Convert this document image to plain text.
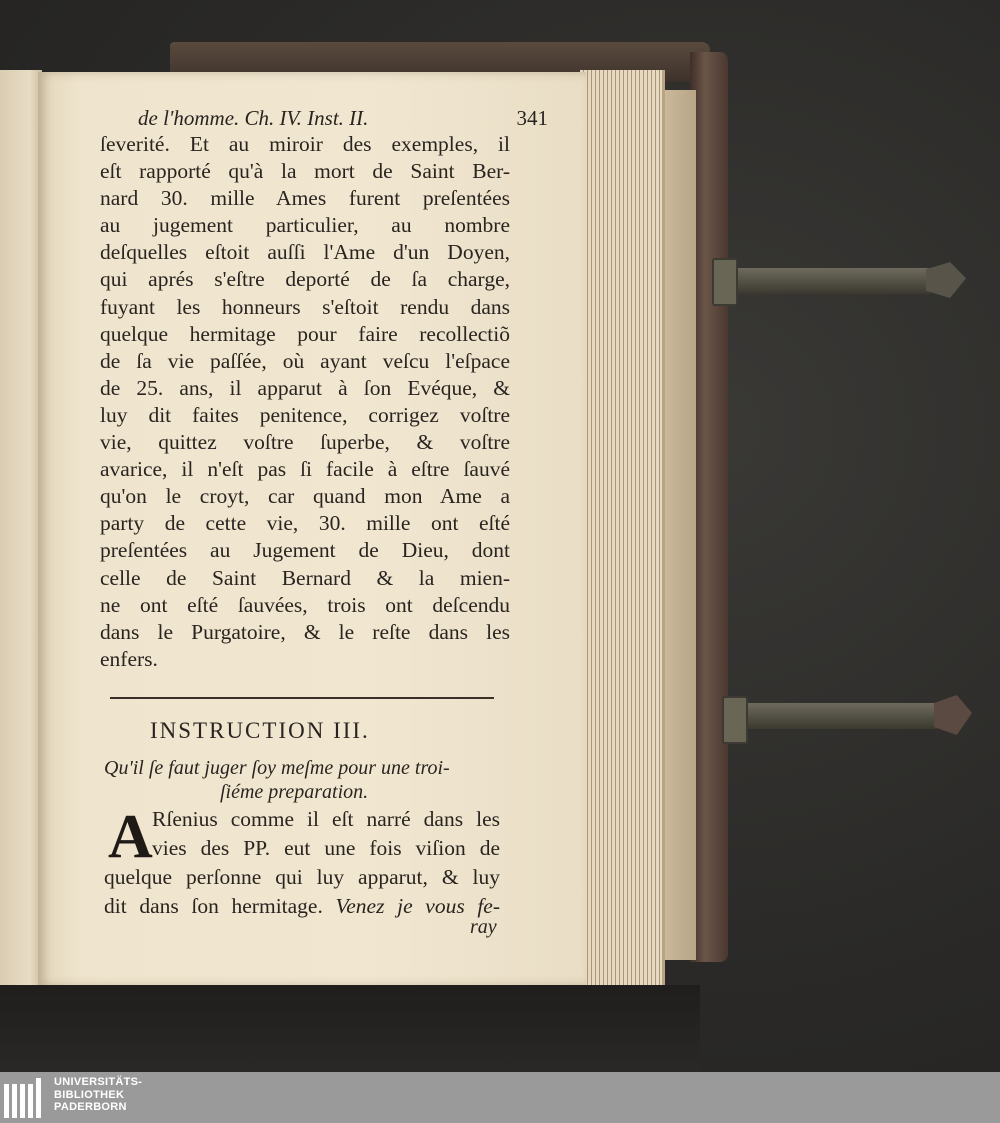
de l'homme. Ch. IV. Inst. II.	341
ſeverité. Et au miroir des exemples, il
eſt rapporté qu'à la mort de Saint Ber-
nard 30. mille Ames furent preſentées
au jugement particulier, au nombre
deſquelles eſtoit auſſi l'Ame d'un Doyen,
qui aprés s'eſtre deporté de ſa charge,
fuyant les honneurs s'eſtoit rendu dans
quelque hermitage pour faire recollectiõ
de ſa vie paſſée, où ayant veſcu l'eſpace
de 25. ans, il apparut à ſon Evéque, &
luy dit faites penitence, corrigez voſtre
vie, quittez voſtre ſuperbe, & voſtre
avarice, il n'eſt pas ſi facile à eſtre ſauvé
qu'on le croyt, car quand mon Ame a
party de cette vie, 30. mille ont eſté
preſentées au Jugement de Dieu, dont
celle de Saint Bernard & la mien-
ne ont eſté ſauvées, trois ont deſcendu
dans le Purgatoire, & le reſte dans les
enfers.
INSTRUCTION III.
Qu'il ſe faut juger ſoy meſme pour une troi-
ſiéme preparation.
A Rſenius comme il eſt narré dans les
vies des PP. eut une fois viſion de
quelque perſonne qui luy apparut, & luy
dit dans ſon hermitage. Venez je vous fe-
ray
UNIVERSITÄTS-
BIBLIOTHEK
PADERBORN
